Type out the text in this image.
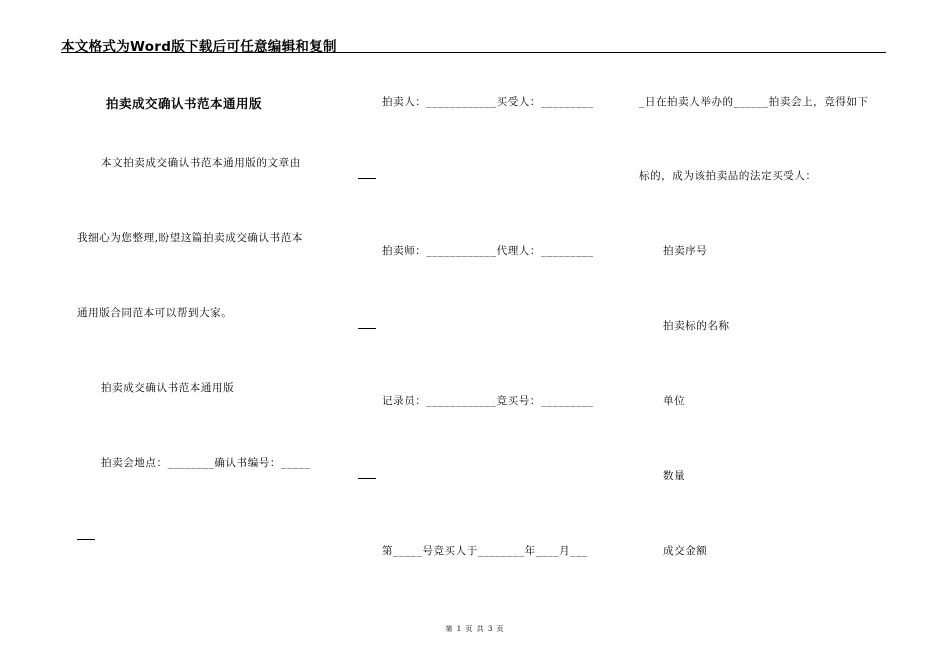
本文格式为Word版下载后可任意编辑和复制
拍卖成交确认书范本通用版
本文拍卖成交确认书范本通用版的文章由
我细心为您整理,盼望这篇拍卖成交确认书范本
通用版合同范本可以帮到大家。
拍卖成交确认书范本通用版
拍卖会地点：________确认书编号：_____
拍卖人：____________买受人：_________
拍卖师：____________代理人：_________
记录员：____________竞买号：_________
第_____号竞买人于________年____月___
_日在拍卖人举办的______拍卖会上，竞得如下
标的，成为该拍卖品的法定买受人：
拍卖序号
拍卖标的名称
单位
数量
成交金额
第 1 页 共 3 页
